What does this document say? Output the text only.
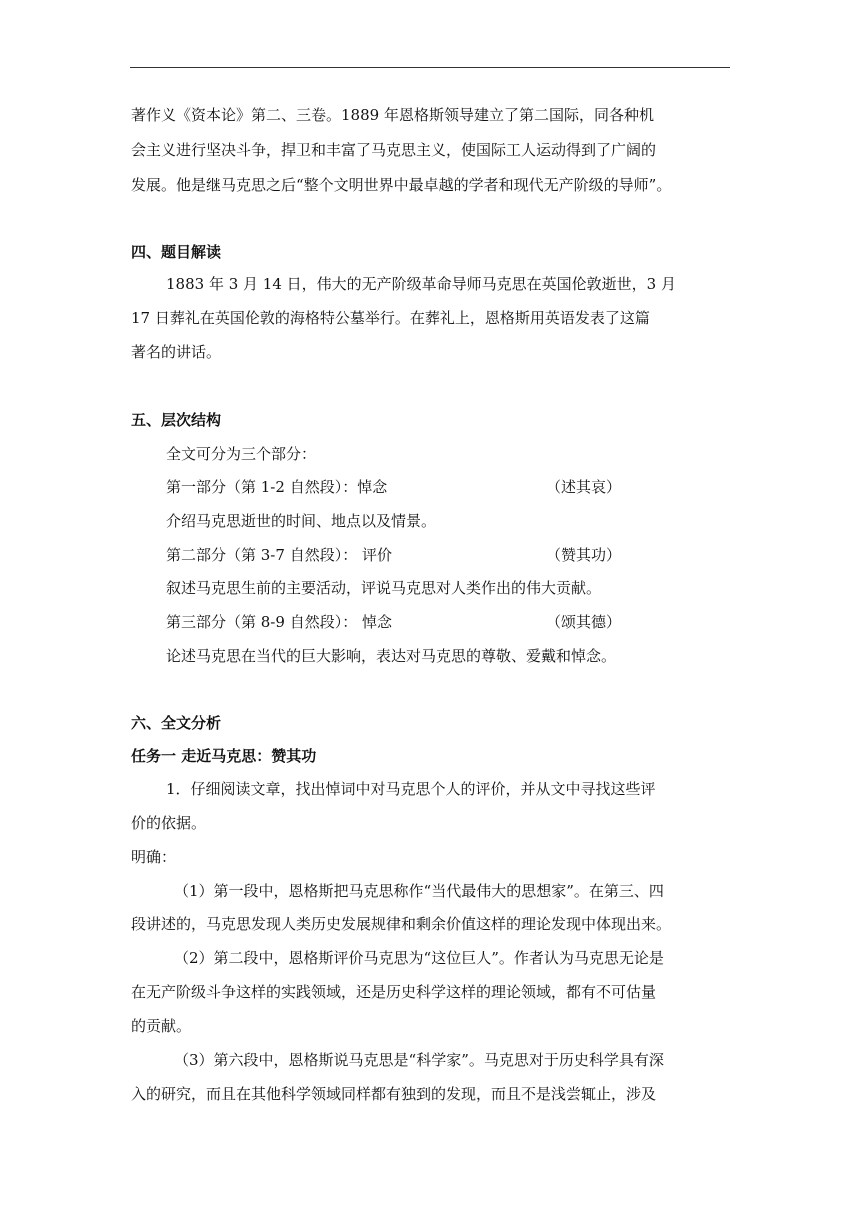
著作义《资本论》第二、三卷。1889 年恩格斯领导建立了第二国际，同各种机
会主义进行坚决斗争，捍卫和丰富了马克思主义，使国际工人运动得到了广阔的
发展。他是继马克思之后“整个文明世界中最卓越的学者和现代无产阶级的导师”。
四、题目解读
1883 年 3 月 14 日，伟大的无产阶级革命导师马克思在英国伦敦逝世，3 月
17 日葬礼在英国伦敦的海格特公墓举行。在葬礼上，恩格斯用英语发表了这篇
著名的讲话。
五、层次结构
全文可分为三个部分：
第一部分（第 1-2 自然段）：悼念	（述其哀）
介绍马克思逝世的时间、地点以及情景。
第二部分（第 3-7 自然段）： 评价	（赞其功）
叙述马克思生前的主要活动，评说马克思对人类作出的伟大贡献。
第三部分（第 8-9 自然段）： 悼念	（颂其德）
论述马克思在当代的巨大影响，表达对马克思的尊敬、爱戴和悼念。
六、全文分析
任务一 走近马克思：赞其功
1．仔细阅读文章，找出悼词中对马克思个人的评价，并从文中寻找这些评
价的依据。
明确：
（1）第一段中，恩格斯把马克思称作“当代最伟大的思想家”。在第三、四
段讲述的，马克思发现人类历史发展规律和剩余价值这样的理论发现中体现出来。
（2）第二段中，恩格斯评价马克思为“这位巨人”。作者认为马克思无论是
在无产阶级斗争这样的实践领域，还是历史科学这样的理论领域，都有不可估量
的贡献。
（3）第六段中，恩格斯说马克思是“科学家”。马克思对于历史科学具有深
入的研究，而且在其他科学领域同样都有独到的发现，而且不是浅尝辄止，涉及
